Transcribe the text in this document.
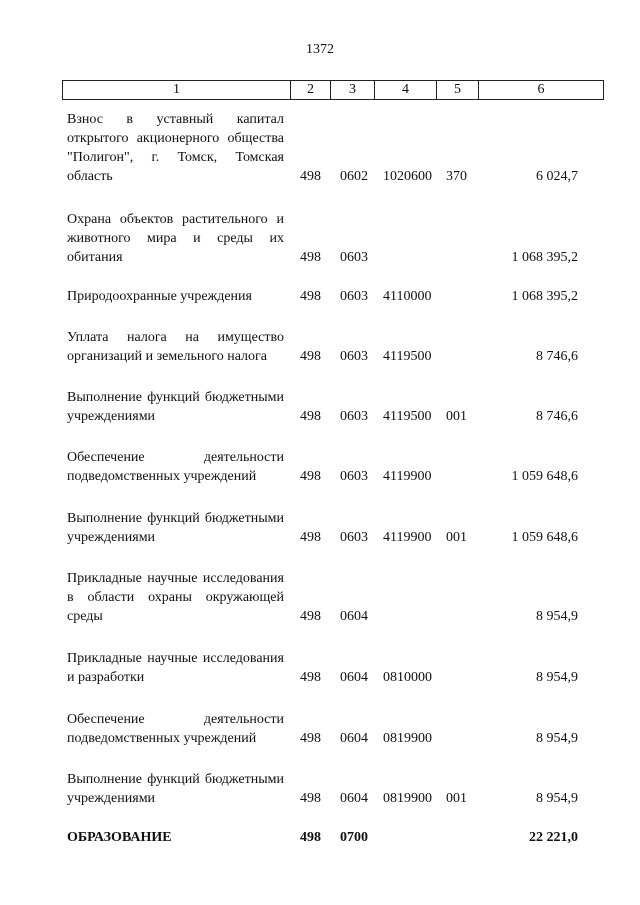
1372
1	2	3	4	5	6
Взнос в уставный капитал открытого акционерного общества "Полигон", г. Томск, Томская область	498 0602 1020600 370	6 024,7
Охрана объектов растительного и животного мира и среды их обитания	498 0603	1 068 395,2
Природоохранные учреждения	498 0603 4110000	1 068 395,2
Уплата налога на имущество организаций и земельного налога	498 0603 4119500	8 746,6
Выполнение функций бюджетными учреждениями	498 0603 4119500 001	8 746,6
Обеспечение деятельности подведомственных учреждений	498 0603 4119900	1 059 648,6
Выполнение функций бюджетными учреждениями	498 0603 4119900 001	1 059 648,6
Прикладные научные исследования в области охраны окружающей среды	498 0604	8 954,9
Прикладные научные исследования и разработки	498 0604 0810000	8 954,9
Обеспечение деятельности подведомственных учреждений	498 0604 0819900	8 954,9
Выполнение функций бюджетными учреждениями	498 0604 0819900 001	8 954,9
ОБРАЗОВАНИЕ	498 0700	22 221,0
